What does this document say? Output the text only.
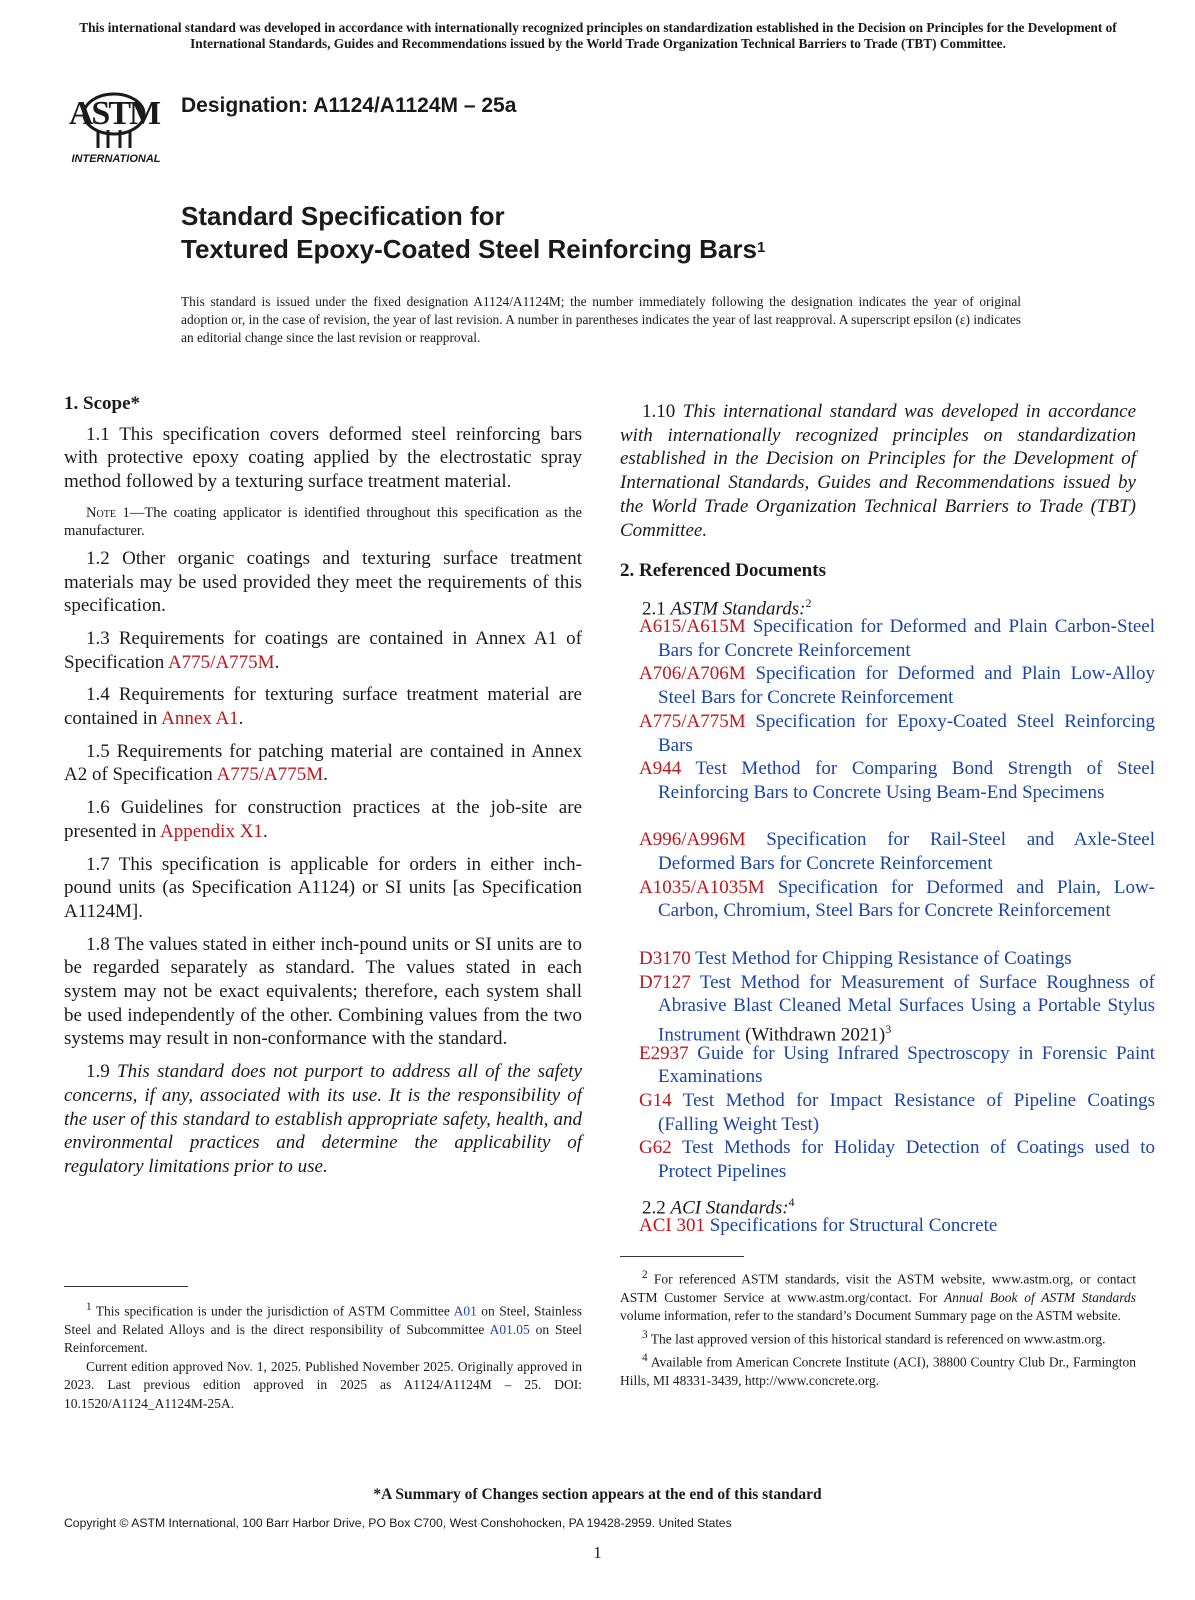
This international standard was developed in accordance with internationally recognized principles on standardization established in the Decision on Principles for the Development of International Standards, Guides and Recommendations issued by the World Trade Organization Technical Barriers to Trade (TBT) Committee.
ASTM
INTERNATIONAL
Designation: A1124/A1124M – 25a
Standard Specification for
Textured Epoxy-Coated Steel Reinforcing Bars$^1$
This standard is issued under the fixed designation A1124/A1124M; the number immediately following the designation indicates the year of original adoption or, in the case of revision, the year of last revision. A number in parentheses indicates the year of last reapproval. A superscript epsilon (ε) indicates an editorial change since the last revision or reapproval.

1. Scope*

1.1 This specification covers deformed steel reinforcing bars with protective epoxy coating applied by the electrostatic spray method followed by a texturing surface treatment material.

Note 1—The coating applicator is identified throughout this specification as the manufacturer.

1.2 Other organic coatings and texturing surface treatment materials may be used provided they meet the requirements of this specification.

1.3 Requirements for coatings are contained in Annex A1 of Specification A775/A775M.

1.4 Requirements for texturing surface treatment material are contained in Annex A1.

1.5 Requirements for patching material are contained in Annex A2 of Specification A775/A775M.

1.6 Guidelines for construction practices at the job-site are presented in Appendix X1.

1.7 This specification is applicable for orders in either inch-pound units (as Specification A1124) or SI units [as Specification A1124M].

1.8 The values stated in either inch-pound units or SI units are to be regarded separately as standard. The values stated in each system may not be exact equivalents; therefore, each system shall be used independently of the other. Combining values from the two systems may result in non-conformance with the standard.

1.9 This standard does not purport to address all of the safety concerns, if any, associated with its use. It is the responsibility of the user of this standard to establish appropriate safety, health, and environmental practices and determine the applicability of regulatory limitations prior to use.

$^1$ This specification is under the jurisdiction of ASTM Committee A01 on Steel, Stainless Steel and Related Alloys and is the direct responsibility of Subcommittee A01.05 on Steel Reinforcement.

Current edition approved Nov. 1, 2025. Published November 2025. Originally approved in 2023. Last previous edition approved in 2025 as A1124/A1124M – 25. DOI: 10.1520/A1124_A1124M-25A.

1.10 This international standard was developed in accordance with internationally recognized principles on standardization established in the Decision on Principles for the Development of International Standards, Guides and Recommendations issued by the World Trade Organization Technical Barriers to Trade (TBT) Committee.

2. Referenced Documents
2.1 ASTM Standards:$^2$
A615/A615M Specification for Deformed and Plain Carbon-Steel Bars for Concrete Reinforcement
A706/A706M Specification for Deformed and Plain Low-Alloy Steel Bars for Concrete Reinforcement
A775/A775M Specification for Epoxy-Coated Steel Reinforcing Bars
A944 Test Method for Comparing Bond Strength of Steel Reinforcing Bars to Concrete Using Beam-End Specimens
A996/A996M Specification for Rail-Steel and Axle-Steel Deformed Bars for Concrete Reinforcement
A1035/A1035M Specification for Deformed and Plain, Low-Carbon, Chromium, Steel Bars for Concrete Reinforcement
D3170 Test Method for Chipping Resistance of Coatings
D7127 Test Method for Measurement of Surface Roughness of Abrasive Blast Cleaned Metal Surfaces Using a Portable Stylus Instrument (Withdrawn 2021)$^3$
E2937 Guide for Using Infrared Spectroscopy in Forensic Paint Examinations
G14 Test Method for Impact Resistance of Pipeline Coatings (Falling Weight Test)
G62 Test Methods for Holiday Detection of Coatings used to Protect Pipelines
2.2 ACI Standards:$^4$
ACI 301 Specifications for Structural Concrete

$^2$ For referenced ASTM standards, visit the ASTM website, www.astm.org, or contact ASTM Customer Service at www.astm.org/contact. For Annual Book of ASTM Standards volume information, refer to the standard’s Document Summary page on the ASTM website.

$^3$ The last approved version of this historical standard is referenced on www.astm.org.

$^4$ Available from American Concrete Institute (ACI), 38800 Country Club Dr., Farmington Hills, MI 48331-3439, http://www.concrete.org.

*A Summary of Changes section appears at the end of this standard
Copyright © ASTM International, 100 Barr Harbor Drive, PO Box C700, West Conshohocken, PA 19428-2959. United States
1
